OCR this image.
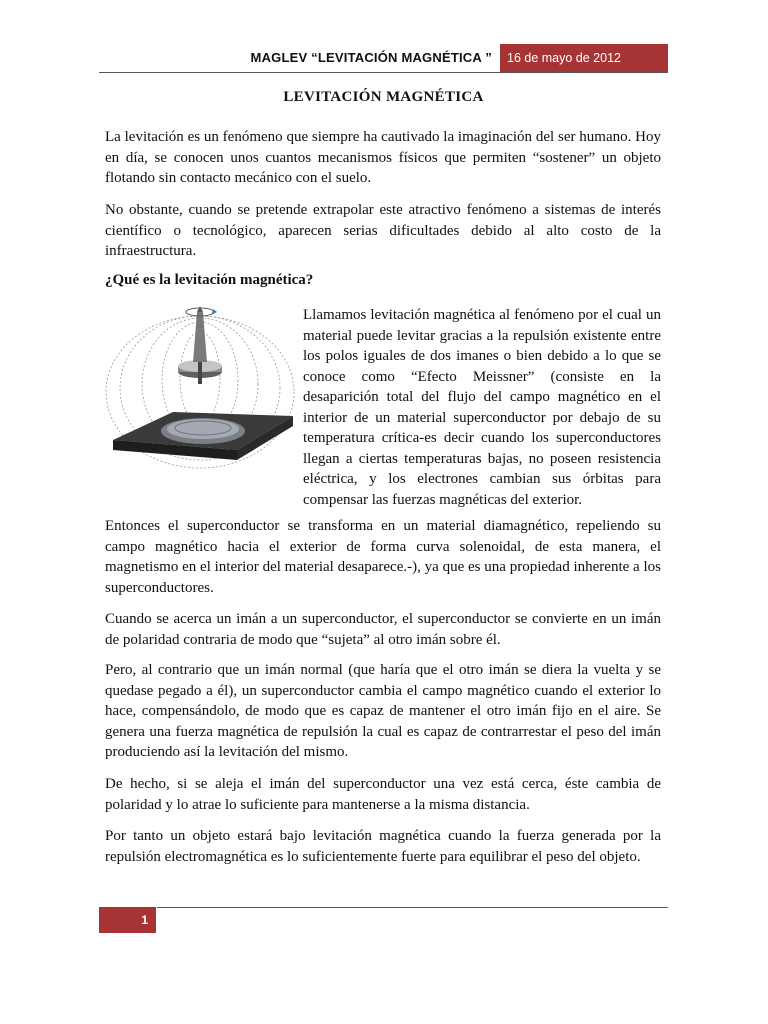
MAGLEV “LEVITACIÓN MAGNÉTICA ”	16 de mayo de 2012
LEVITACIÓN MAGNÉTICA

La levitación es un fenómeno que siempre ha cautivado la imaginación del ser humano. Hoy en día, se conocen unos cuantos mecanismos físicos que permiten “sostener” un objeto flotando sin contacto mecánico con el suelo.

No obstante, cuando se pretende extrapolar este atractivo fenómeno a sistemas de interés científico o tecnológico, aparecen serias dificultades debido al alto costo de la infraestructura.

¿Qué es la levitación magnética?

Llamamos levitación magnética al fenómeno por el cual un material puede levitar gracias a la repulsión existente entre los polos iguales de dos imanes o bien debido a lo que se conoce como “Efecto Meissner” (consiste en la desaparición total del flujo del campo magnético en el interior de un material superconductor por debajo de su temperatura crítica-es decir cuando los superconductores llegan a ciertas temperaturas bajas, no poseen resistencia eléctrica, y los electrones cambian sus órbitas para compensar las fuerzas magnéticas del exterior.

Entonces el superconductor se transforma en un material diamagnético, repeliendo su campo magnético hacia el exterior de forma curva solenoidal, de esta manera, el magnetismo en el interior del material desaparece.-), ya que es una propiedad inherente a los superconductores.

Cuando se acerca un imán a un superconductor, el superconductor se convierte en un imán de polaridad contraria de modo que “sujeta” al otro imán sobre él.

Pero, al contrario que un imán normal (que haría que el otro imán se diera la vuelta y se quedase pegado a él), un superconductor cambia el campo magnético cuando el exterior lo hace, compensándolo, de modo que es capaz de mantener el otro imán fijo en el aire. Se genera una fuerza magnética de repulsión la cual es capaz de contrarrestar el peso del imán produciendo así la levitación del mismo.

De hecho, si se aleja el imán del superconductor una vez está cerca, éste cambia de polaridad y lo atrae lo suficiente para mantenerse a la misma distancia.

Por tanto un objeto estará bajo levitación magnética cuando la fuerza generada por la repulsión electromagnética es lo suficientemente fuerte para equilibrar el peso del objeto.

1
